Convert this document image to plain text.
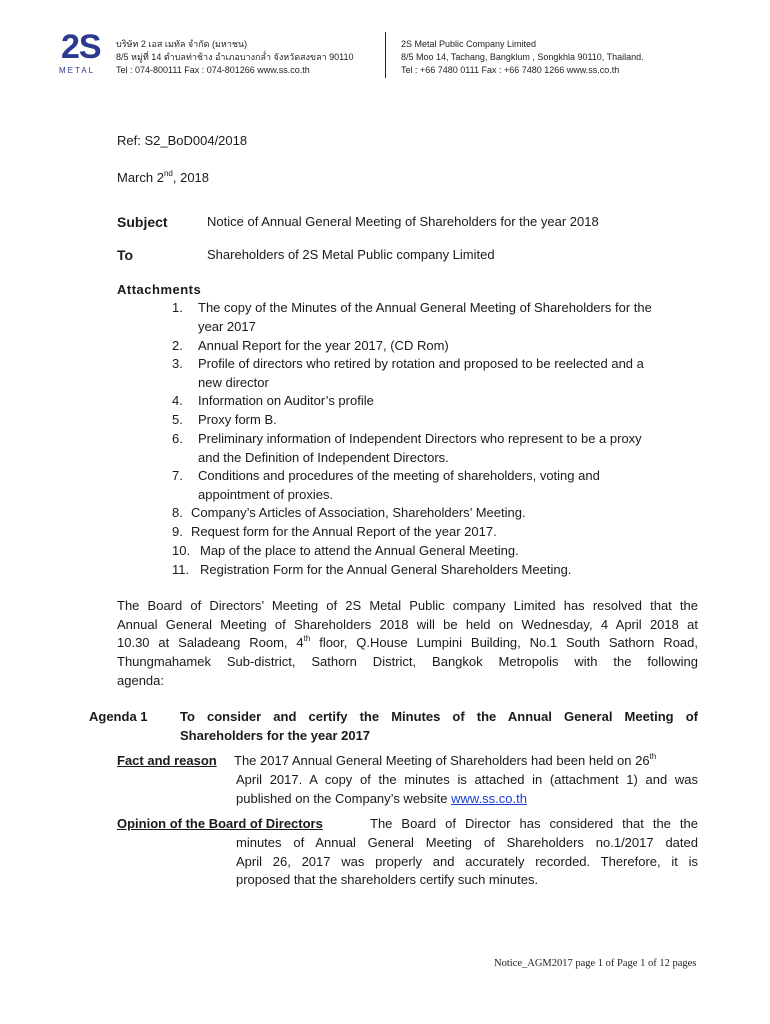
2S
METAL
บริษัท 2 เอส เมทัล จำกัด (มหาชน)
8/5 หมู่ที่ 14 ตำบลท่าช้าง อำเภอบางกล่ำ จังหวัดสงขลา 90110
Tel : 074-800111 Fax : 074-801266 www.ss.co.th
2S Metal Public Company Limited
8/5 Moo 14, Tachang, Bangklum , Songkhla 90110, Thailand.
Tel : +66 7480 0111 Fax : +66 7480 1266 www.ss.co.th
Ref: S2_BoD004/2018
March 2nd, 2018
Subject	Notice of Annual General Meeting of Shareholders for the year 2018
To	Shareholders of 2S Metal Public company Limited
Attachments
1.	The copy of the Minutes of the Annual General Meeting of Shareholders for the
year 2017
2.	Annual Report for the year 2017, (CD Rom)
3.	Profile of directors who retired by rotation and proposed to be reelected and a
new director
4.	Information on Auditor’s profile
5.	Proxy form B.
6.	Preliminary information of Independent Directors who represent to be a proxy
and the Definition of Independent Directors.
7.	Conditions and procedures of the meeting of shareholders, voting and
appointment of proxies.
8. Company’s Articles of Association, Shareholders’ Meeting.
9. Request form for the Annual Report of the year 2017.
10. Map of the place to attend the Annual General Meeting.
11. Registration Form for the Annual General Shareholders Meeting.
The Board of Directors’ Meeting of 2S Metal Public company Limited has resolved that the
Annual General Meeting of Shareholders 2018 will be held on Wednesday, 4 April 2018 at
10.30 at Saladeang Room, 4th floor, Q.House Lumpini Building, No.1 South Sathorn Road,
Thungmahamek Sub-district, Sathorn District, Bangkok Metropolis with the following
agenda:
Agenda 1 To consider and certify the Minutes of the Annual General Meeting of
Shareholders for the year 2017
Fact and reason The 2017 Annual General Meeting of Shareholders had been held on 26th
April 2017. A copy of the minutes is attached in (attachment 1) and was
published on the Company’s website www.ss.co.th
Opinion of the Board of Directors	The Board of Director has considered that the the
minutes of Annual General Meeting of Shareholders no.1/2017 dated
April 26, 2017 was properly and accurately recorded. Therefore, it is
proposed that the shareholders certify such minutes.
Notice_AGM2017 page 1 of Page 1 of 12 pages
